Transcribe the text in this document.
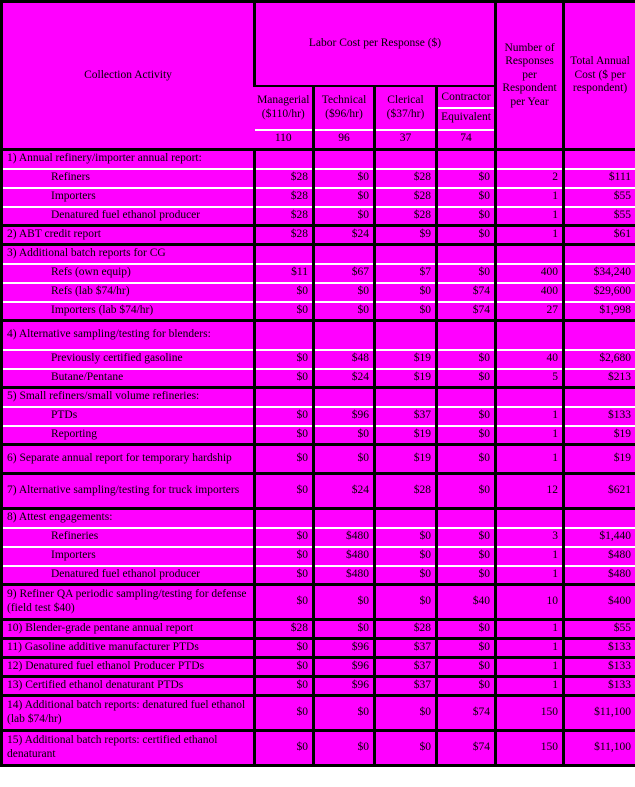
Collection Activity	Labor Cost per Response ($)				Number of Responses per Respondent per Year	Total Annual Cost ($ per respondent)
	Managerial ($110/hr)	Technical ($96/hr)	Clerical ($37/hr)	Contractor
Equivalent		

	110	96	37	74		
1) Annual refinery/importer annual report:						
Refiners	$28	$0	$28	$0	2	$111
Importers	$28	$0	$28	$0	1	$55
Denatured fuel ethanol producer	$28	$0	$28	$0	1	$55
2) ABT credit report	$28	$24	$9	$0	1	$61
3) Additional batch reports for CG						
Refs (own equip)	$11	$67	$7	$0	400	$34,240
Refs (lab $74/hr)	$0	$0	$0	$74	400	$29,600
Importers (lab $74/hr)	$0	$0	$0	$74	27	$1,998
4) Alternative sampling/testing for blenders:						
Previously certified gasoline	$0	$48	$19	$0	40	$2,680
Butane/Pentane	$0	$24	$19	$0	5	$213
5) Small refiners/small volume refineries:						
PTDs	$0	$96	$37	$0	1	$133
Reporting	$0	$0	$19	$0	1	$19
6) Separate annual report for temporary hardship	$0	$0	$19	$0	1	$19
7) Alternative sampling/testing for truck importers	$0	$24	$28	$0	12	$621
8) Attest engagements:						
Refineries	$0	$480	$0	$0	3	$1,440
Importers	$0	$480	$0	$0	1	$480
Denatured fuel ethanol producer	$0	$480	$0	$0	1	$480
9) Refiner QA periodic sampling/testing for defense (field test $40)	$0	$0	$0	$40	10	$400
10) Blender-grade pentane annual report	$28	$0	$28	$0	1	$55
11) Gasoline additive manufacturer PTDs	$0	$96	$37	$0	1	$133
12) Denatured fuel ethanol Producer PTDs	$0	$96	$37	$0	1	$133
13) Certified ethanol denaturant PTDs	$0	$96	$37	$0	1	$133
14) Additional batch reports: denatured fuel ethanol (lab $74/hr)	$0	$0	$0	$74	150	$11,100
15) Additional batch reports: certified ethanol denaturant	$0	$0	$0	$74	150	$11,100
